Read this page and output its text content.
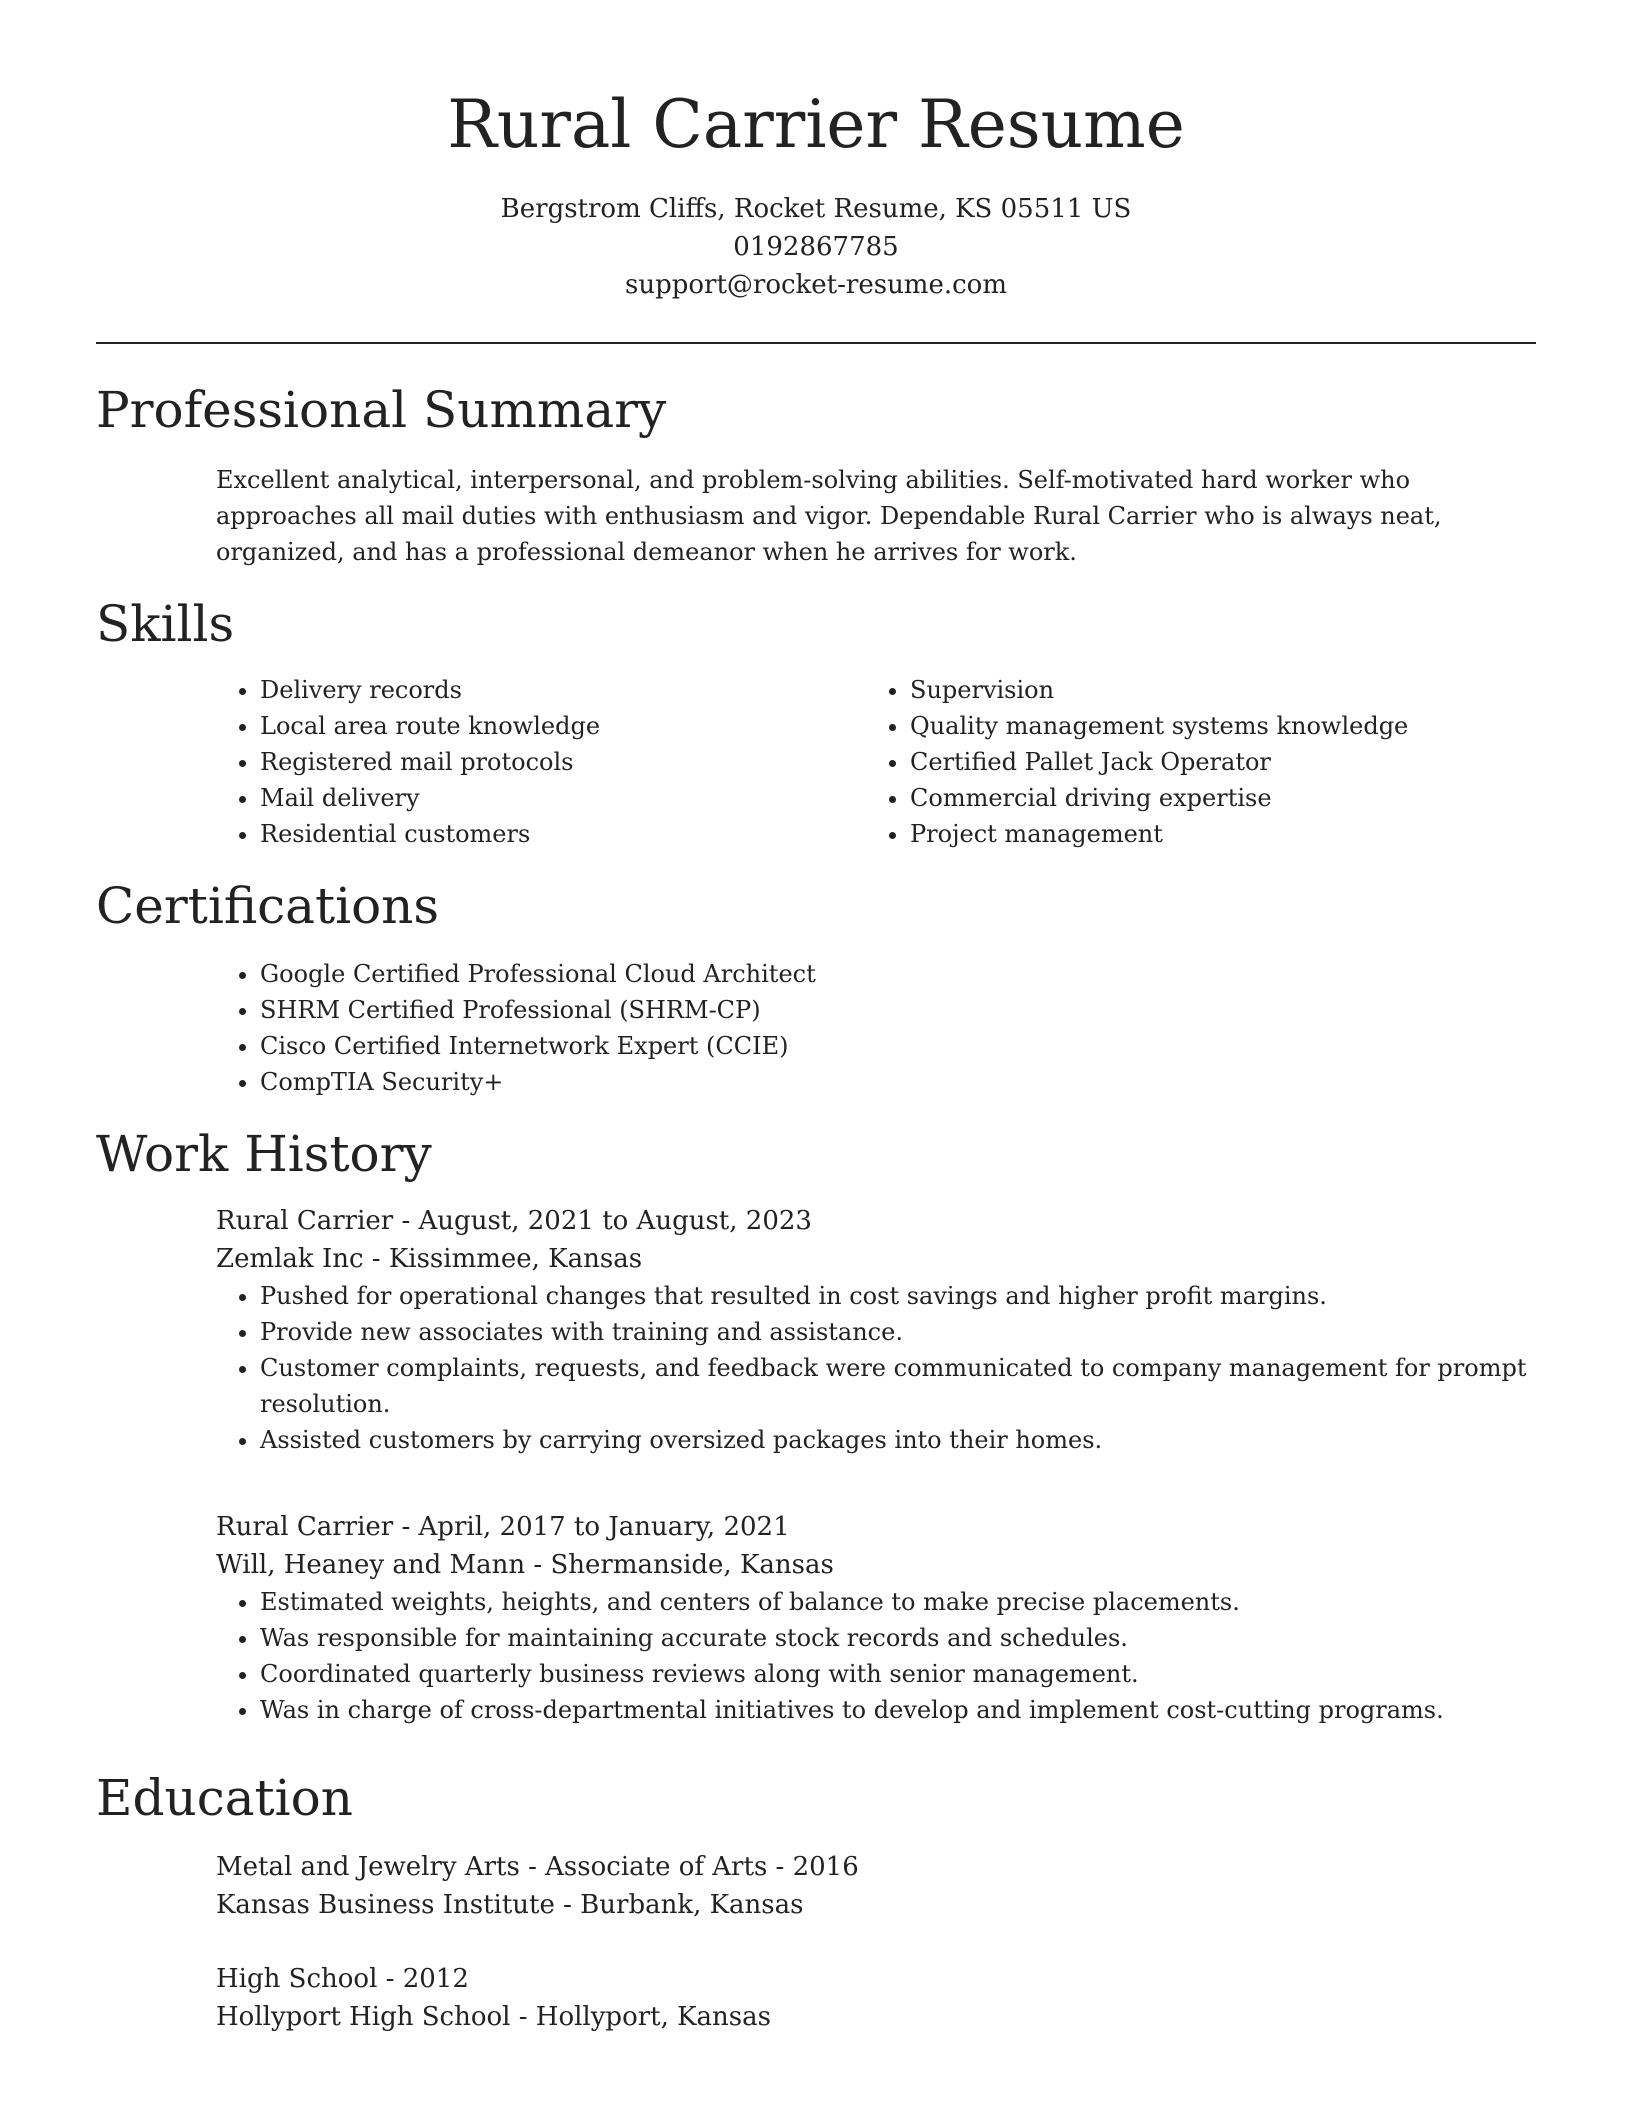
Rural Carrier Resume
Bergstrom Cliffs, Rocket Resume, KS 05511 US
0192867785
support@rocket-resume.com
Professional Summary

Excellent analytical, interpersonal, and problem-solving abilities. Self-motivated hard worker who approaches all mail duties with enthusiasm and vigor. Dependable Rural Carrier who is always neat, organized, and has a professional demeanor when he arrives for work.

Skills
• Delivery records
• Local area route knowledge
• Registered mail protocols
• Mail delivery
• Residential customers
• Supervision
• Quality management systems knowledge
• Certified Pallet Jack Operator
• Commercial driving expertise
• Project management
Certifications
• Google Certified Professional Cloud Architect
• SHRM Certified Professional (SHRM-CP)
• Cisco Certified Internetwork Expert (CCIE)
• CompTIA Security+
Work History
Rural Carrier - August, 2021 to August, 2023
Zemlak Inc - Kissimmee, Kansas
• Pushed for operational changes that resulted in cost savings and higher profit margins.
• Provide new associates with training and assistance.
• Customer complaints, requests, and feedback were communicated to company management for prompt resolution.
• Assisted customers by carrying oversized packages into their homes.
Rural Carrier - April, 2017 to January, 2021
Will, Heaney and Mann - Shermanside, Kansas
• Estimated weights, heights, and centers of balance to make precise placements.
• Was responsible for maintaining accurate stock records and schedules.
• Coordinated quarterly business reviews along with senior management.
• Was in charge of cross-departmental initiatives to develop and implement cost-cutting programs.
Education
Metal and Jewelry Arts - Associate of Arts - 2016
Kansas Business Institute - Burbank, Kansas
High School - 2012
Hollyport High School - Hollyport, Kansas
